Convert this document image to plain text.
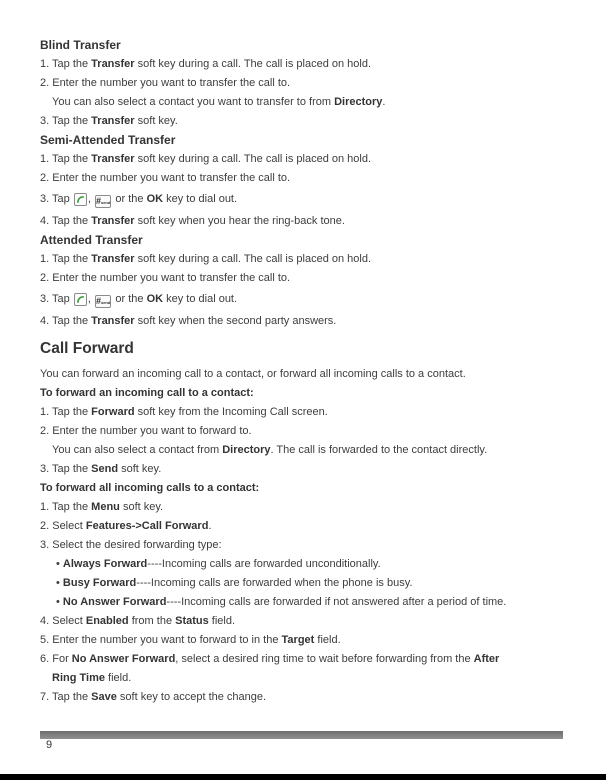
Blind Transfer
1. Tap the Transfer soft key during a call. The call is placed on hold.
2. Enter the number you want to transfer the call to.
You can also select a contact you want to transfer to from Directory.
3. Tap the Transfer soft key.
Semi-Attended Transfer
1. Tap the Transfer soft key during a call. The call is placed on hold.
2. Enter the number you want to transfer the call to.
3. Tap , $^{\#send}$ or the OK key to dial out.
4. Tap the Transfer soft key when you hear the ring-back tone.
Attended Transfer
1. Tap the Transfer soft key during a call. The call is placed on hold.
2. Enter the number you want to transfer the call to.
3. Tap , $^{\#send}$ or the OK key to dial out.
4. Tap the Transfer soft key when the second party answers.
Call Forward
You can forward an incoming call to a contact, or forward all incoming calls to a contact.
To forward an incoming call to a contact:
1. Tap the Forward soft key from the Incoming Call screen.
2. Enter the number you want to forward to.
You can also select a contact from Directory. The call is forwarded to the contact directly.
3. Tap the Send soft key.
To forward all incoming calls to a contact:
1. Tap the Menu soft key.
2. Select Features->Call Forward.
3. Select the desired forwarding type:
• Always Forward----Incoming calls are forwarded unconditionally.
• Busy Forward----Incoming calls are forwarded when the phone is busy.
• No Answer Forward----Incoming calls are forwarded if not answered after a period of time.
4. Select Enabled from the Status field.
5. Enter the number you want to forward to in the Target field.
6. For No Answer Forward, select a desired ring time to wait before forwarding from the After
Ring Time field.
7. Tap the Save soft key to accept the change.
9
